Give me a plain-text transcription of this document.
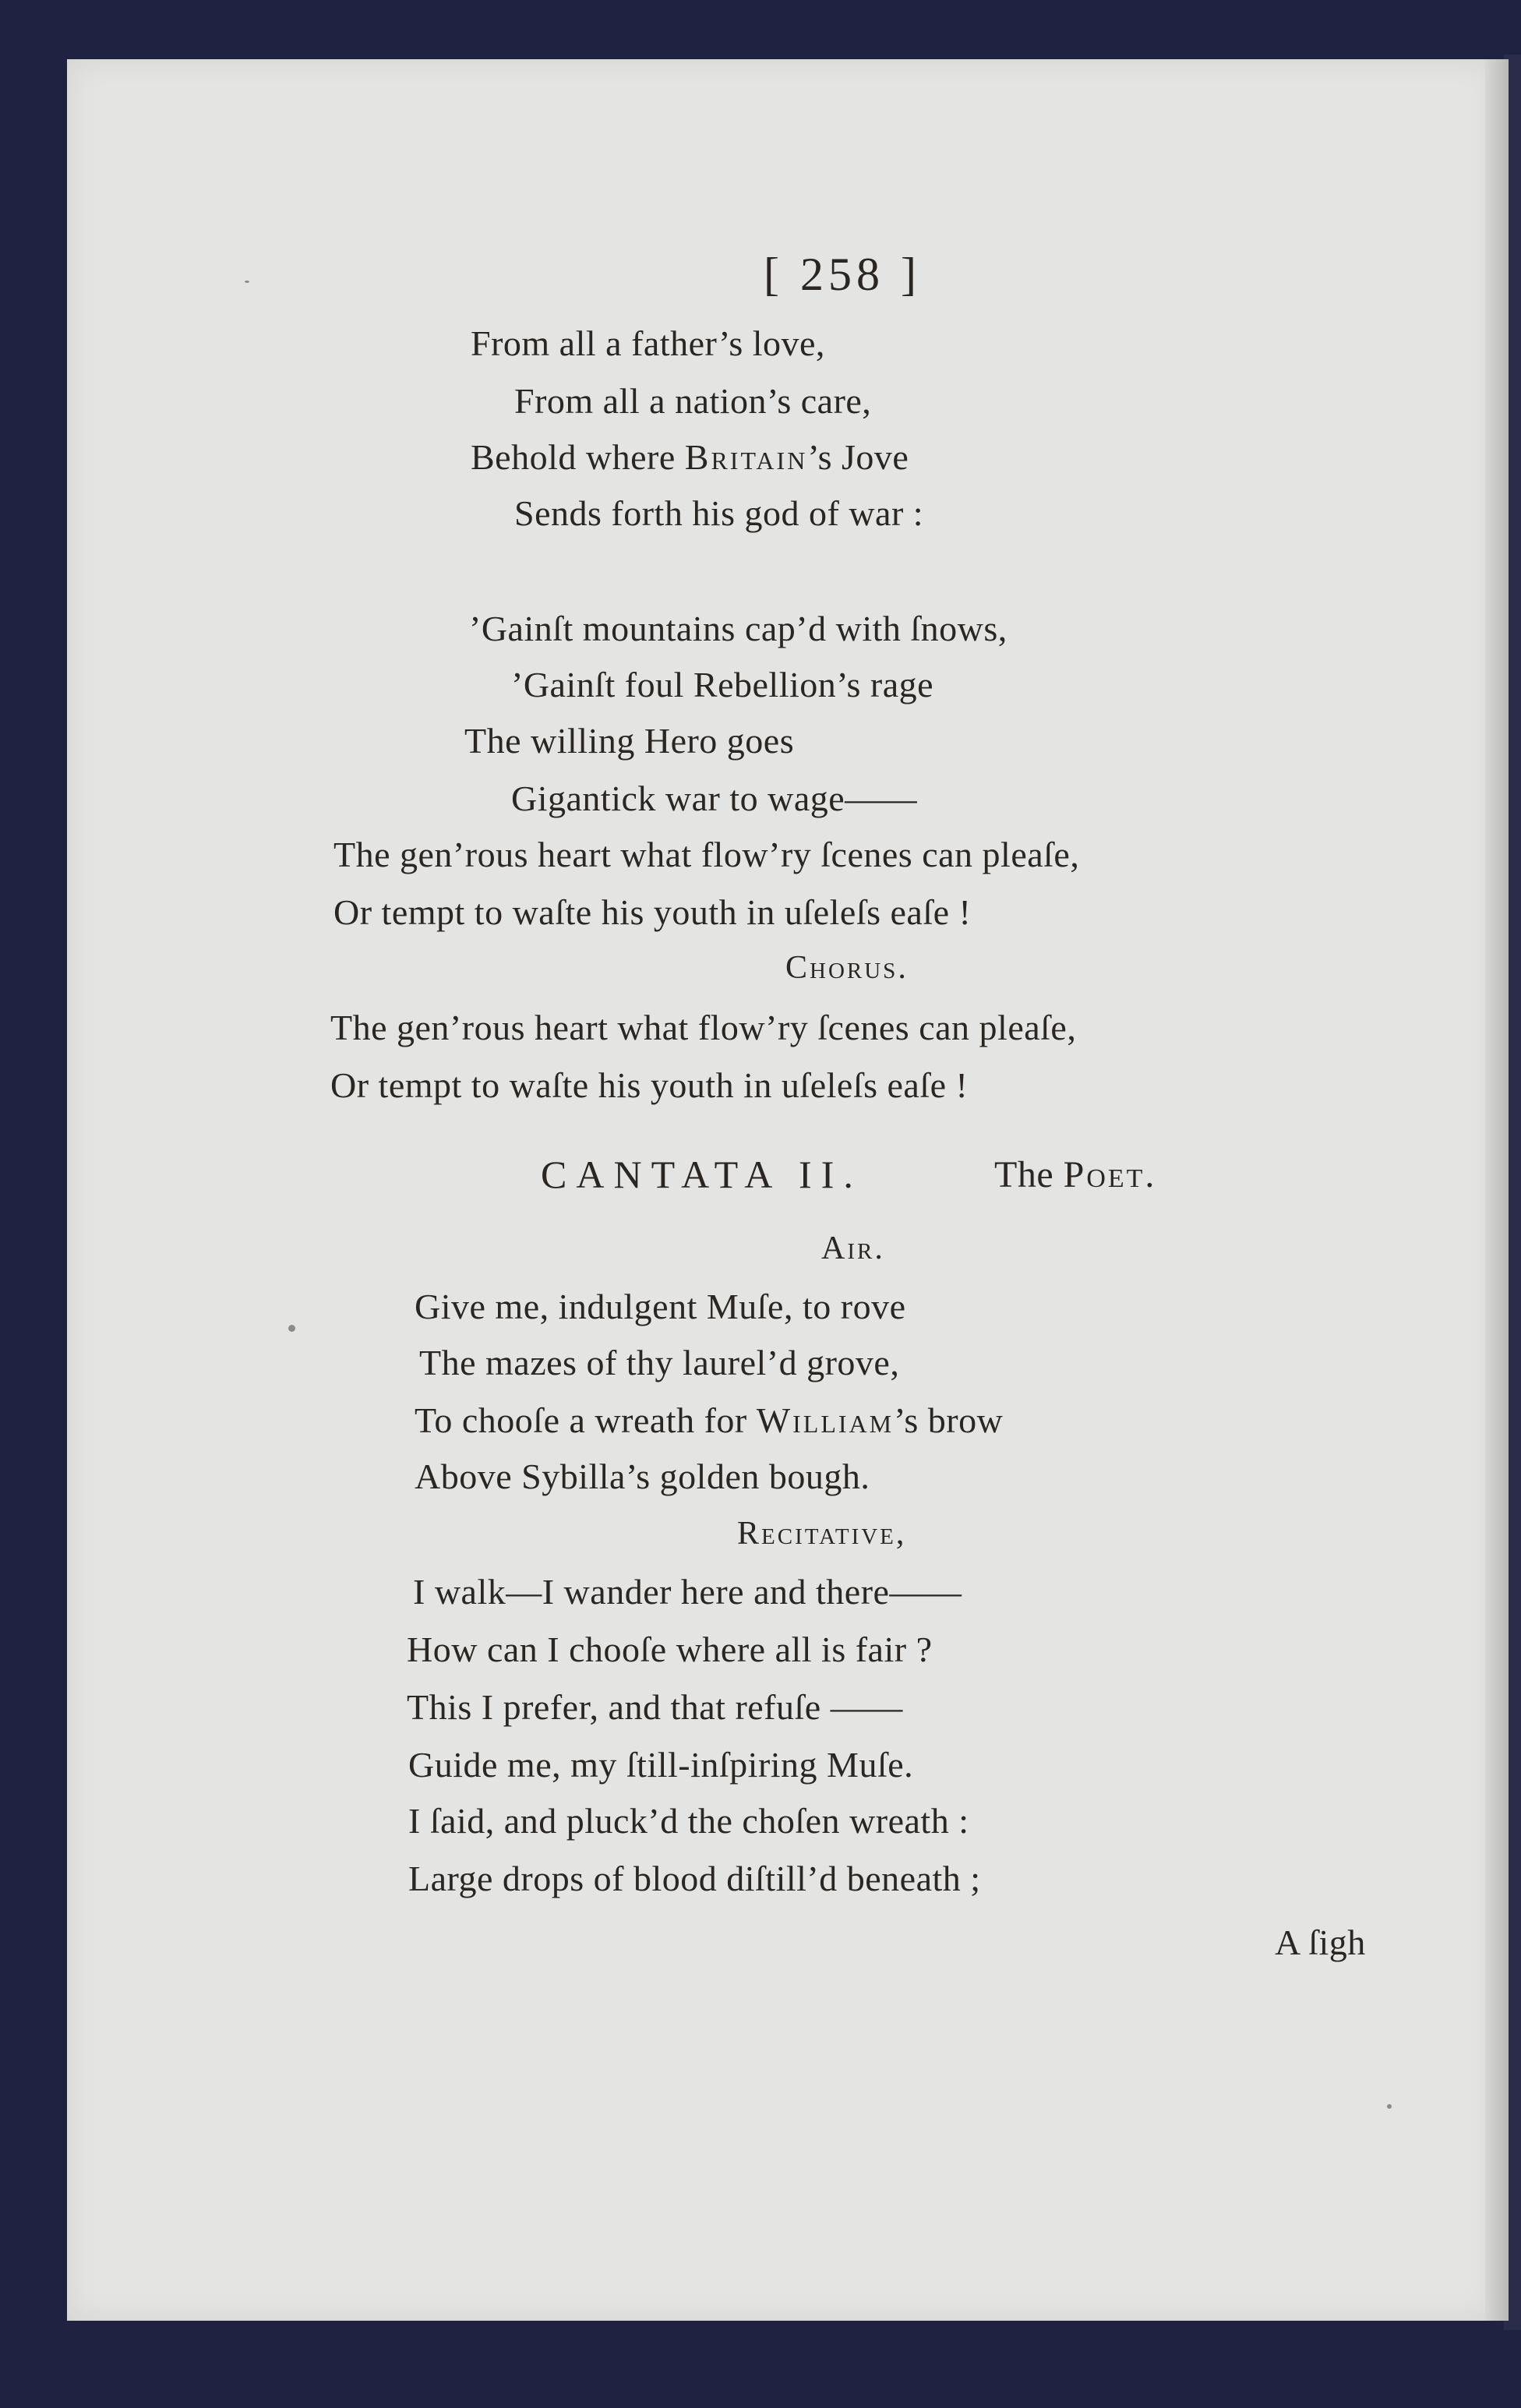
[ 258 ]
From all a father’s love,
From all a nation’s care,
Behold where Britain’s Jove
Sends forth his god of war :
’Gainſt mountains cap’d with ſnows,
’Gainſt foul Rebellion’s rage
The willing Hero goes
Gigantick war to wage——
The gen’rous heart what flow’ry ſcenes can pleaſe,
Or tempt to waſte his youth in uſeleſs eaſe !
Chorus.
The gen’rous heart what flow’ry ſcenes can pleaſe,
Or tempt to waſte his youth in uſeleſs eaſe !
CANTATA II.	The Poet.
Air.
Give me, indulgent Muſe, to rove
The mazes of thy laurel’d grove,
To chooſe a wreath for William’s brow
Above Sybilla’s golden bough.
Recitative,
I walk—I wander here and there——
How can I chooſe where all is fair ?
This I prefer, and that refuſe ——
Guide me, my ſtill-inſpiring Muſe.
I ſaid, and pluck’d the choſen wreath :
Large drops of blood diſtill’d beneath ;
A ſigh
